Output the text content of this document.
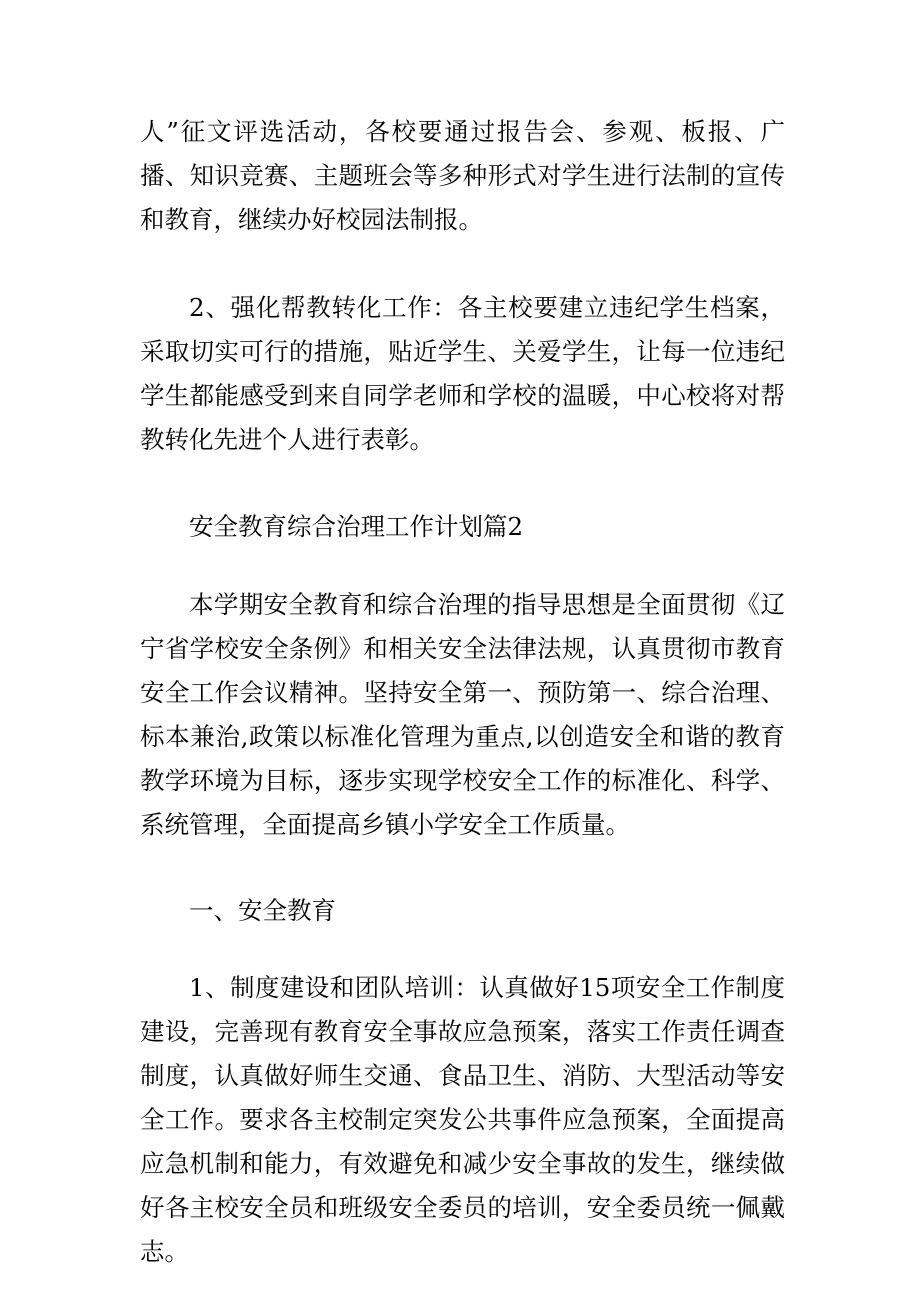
人”征文评选活动，各校要通过报告会、参观、板报、广播、知识竞赛、主题班会等多种形式对学生进行法制的宣传和教育，继续办好校园法制报。

2、强化帮教转化工作：各主校要建立违纪学生档案，采取切实可行的措施，贴近学生、关爱学生，让每一位违纪学生都能感受到来自同学老师和学校的温暖，中心校将对帮教转化先进个人进行表彰。

安全教育综合治理工作计划篇2

本学期安全教育和综合治理的指导思想是全面贯彻《辽宁省学校安全条例》和相关安全法律法规，认真贯彻市教育安全工作会议精神。坚持安全第一、预防第一、综合治理、标本兼治,政策以标准化管理为重点,以创造安全和谐的教育教学环境为目标，逐步实现学校安全工作的标准化、科学、系统管理，全面提高乡镇小学安全工作质量。

一、安全教育

1、制度建设和团队培训：认真做好15项安全工作制度建设，完善现有教育安全事故应急预案，落实工作责任调查制度，认真做好师生交通、食品卫生、消防、大型活动等安全工作。要求各主校制定突发公共事件应急预案，全面提高应急机制和能力，有效避免和减少安全事故的发生，继续做好各主校安全员和班级安全委员的培训，安全委员统一佩戴志。
